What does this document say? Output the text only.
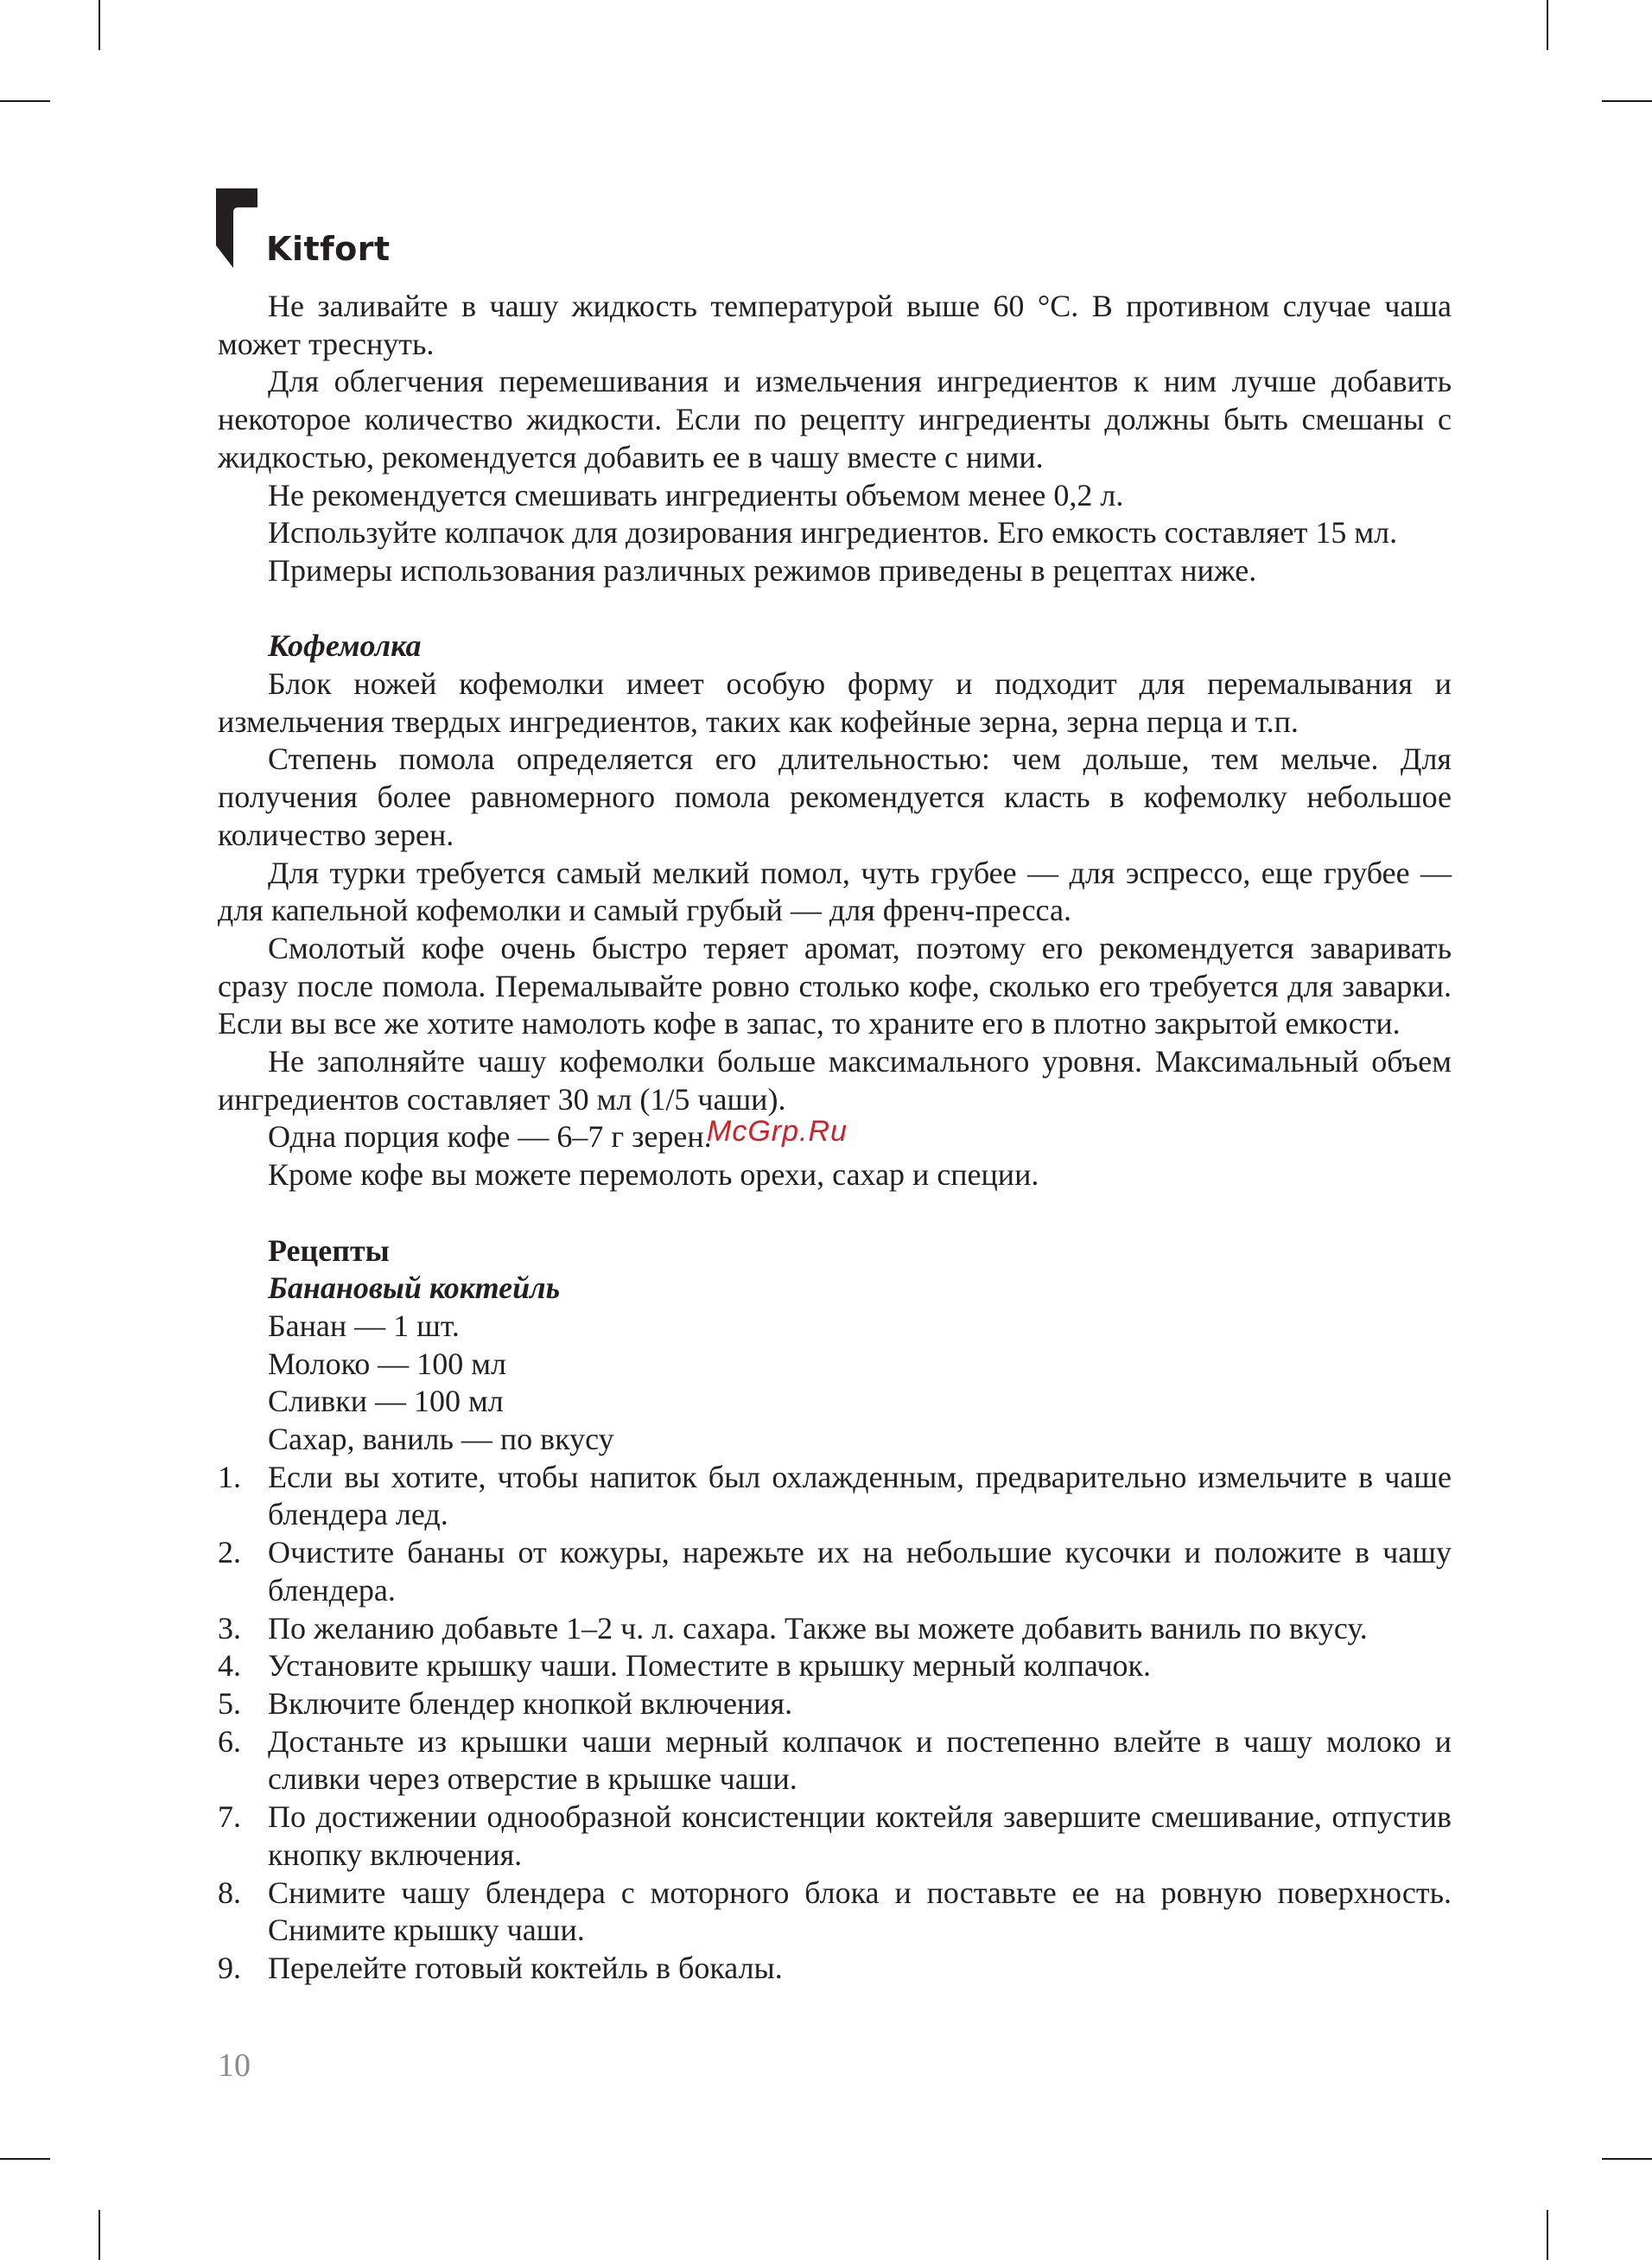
Kitfort

Не заливайте в чашу жидкость температурой выше 60 °С. В противном случае чаша может треснуть.

Для облегчения перемешивания и измельчения ингредиентов к ним лучше добавить некоторое количество жидкости. Если по рецепту ингредиенты должны быть смешаны с жидкостью, рекомендуется добавить ее в чашу вместе с ними.

Не рекомендуется смешивать ингредиенты объемом менее 0,2 л.

Используйте колпачок для дозирования ингредиентов. Его емкость составляет 15 мл.

Примеры использования различных режимов приведены в рецептах ниже.

Кофемолка

Блок ножей кофемолки имеет особую форму и подходит для перемалывания и измельчения твердых ингредиентов, таких как кофейные зерна, зерна перца и т.п.

Степень помола определяется его длительностью: чем дольше, тем мельче. Для получения более равномерного помола рекомендуется класть в кофемолку небольшое количество зерен.

Для турки требуется самый мелкий помол, чуть грубее — для эспрессо, еще грубее — для капельной кофемолки и самый грубый — для френч-пресса.

Смолотый кофе очень быстро теряет аромат, поэтому его рекомендуется заваривать сразу после помола. Перемалывайте ровно столько кофе, сколько его требуется для заварки. Если вы все же хотите намолоть кофе в запас, то храните его в плотно закрытой емкости.

Не заполняйте чашу кофемолки больше максимального уровня. Максимальный объем ингредиентов составляет 30 мл (1/5 чаши).

Одна порция кофе — 6–7 г зерен.

Кроме кофе вы можете перемолоть орехи, сахар и специи.

Рецепты

Банановый коктейль

Банан — 1 шт.

Молоко — 100 мл

Сливки — 100 мл

Сахар, ваниль — по вкусу

1. Если вы хотите, чтобы напиток был охлажденным, предварительно измельчите в чаше блендера лед.
2. Очистите бананы от кожуры, нарежьте их на небольшие кусочки и положите в чашу блендера.
3. По желанию добавьте 1–2 ч. л. сахара. Также вы можете добавить ваниль по вкусу.
4. Установите крышку чаши. Поместите в крышку мерный колпачок.
5. Включите блендер кнопкой включения.
6. Достаньте из крышки чаши мерный колпачок и постепенно влейте в чашу молоко и сливки через отверстие в крышке чаши.
7. По достижении однообразной консистенции коктейля завершите смешивание, отпустив кнопку включения.
8. Снимите чашу блендера с моторного блока и поставьте ее на ровную поверхность. Снимите крышку чаши.
9. Перелейте готовый коктейль в бокалы.
McGrp.Ru
10
